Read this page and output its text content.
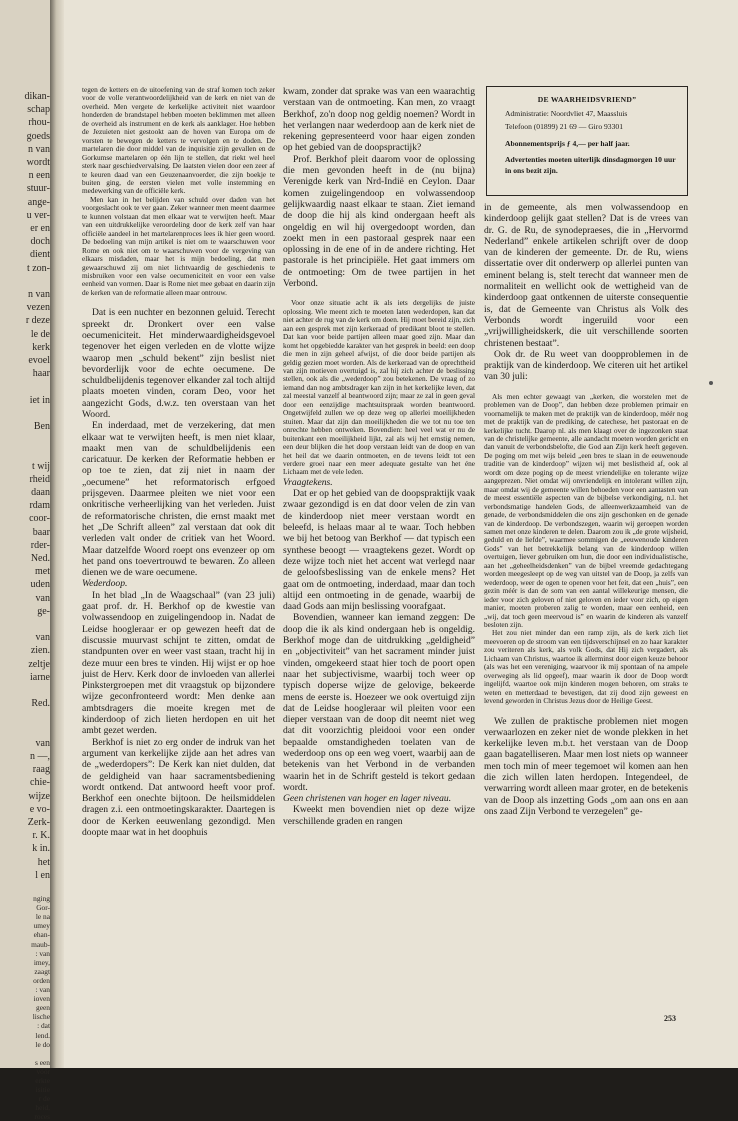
dikan-
schap
rhou-
goeds
n van
wordt
n een
stuur-
ange-
u ver-
er en
doch
dient
t zon-
n van
vezen
r deze
le de
kerk
evoel
haar
iet in
Ben
t wij
rheid
daan
rdam
coor-
baar
rder-
Ned.
met
uden
van
ge-
van
zien.
zeltje
iarne
Red.
van
n —,
raag
chie-
wijze
e vo-
Zerk-
r. K.
k in.
het
l en
nging
Gor-
le na
umey
ehan-
maub-
: van
imey,
zaagt
orden
: van
ioven
geen
lische
: dat
lend.
le do
s een
vóór
erkte
isitie
r de
heid,
roces

tegen de ketters en de uitoefening van de straf komen toch zeker voor de volle verantwoordelijkheid van de kerk en niet van de overheid. Men vergete de kerkelijke activiteit niet waardoor honderden de brandstapel hebben moeten beklimmen met alleen de overheid als instrument en de kerk als aanklager. Hoe hebben de Jezuieten niet gestookt aan de hoven van Europa om de vorsten te bewegen de ketters te vervolgen en te doden. De martelaren die door middel van de inquisitie zijn gevallen en de Gorkumse martelaren op één lijn te stellen, dat riekt wel heel sterk naar geschiedvervalsing. De laatsten vielen door een zeer af te keuren daad van een Geuzenaanvoerder, die zijn boekje te buiten ging, de eersten vielen met volle instemming en medewerking van de officiële kerk.

Men kan in het belijden van schuld over daden van het voorgeslacht ook te ver gaan. Zeker wanneer men meent daarmee te kunnen volstaan dat men elkaar wat te verwijten heeft. Maar van een uitdrukkelijke veroordeling door de kerk zelf van haar officiële aandeel in het martelarenproces lees ik hier geen woord. De bedoeling van mijn artikel is niet om te waarschuwen voor Rome en ook niet om te waarschuwen voor de vergeving van elkaars misdaden, maar het is mijn bedoeling, dat men gewaarschuwd zij om niet lichtvaardig de geschiedenis te misbruiken voor een valse oecumeniciteit en voor een valse eenheid van vormen. Daar is Rome niet mee gebaat en daarin zijn de kerken van de reformatie alleen maar ontrouw.

Dat is een nuchter en bezonnen geluid. Terecht spreekt dr. Dronkert over een valse oecumeniciteit. Het minderwaardigheidsgevoel tegenover het eigen verleden en de vlotte wijze waarop men „schuld bekent” zijn beslist niet bevorderlijk voor de echte oecumene. De schuldbelijdenis tegenover elkander zal toch altijd plaats moeten vinden, coram Deo, voor het aangezicht Gods, d.w.z. ten overstaan van het Woord.

En inderdaad, met de verzekering, dat men elkaar wat te verwijten heeft, is men niet klaar, maakt men van de schuldbelijdenis een caricatuur. De kerken der Reformatie hebben er op toe te zien, dat zij niet in naam der „oecumene” het reformatorisch erfgoed prijsgeven. Daarmee pleiten we niet voor een onkritische verheerlijking van het verleden. Juist de reformatorische christen, die ernst maakt met het „De Schrift alleen” zal verstaan dat ook dit verleden valt onder de critiek van het Woord. Maar datzelfde Woord roept ons evenzeer op om het pand ons toevertrouwd te bewaren. Zo alleen dienen we de ware oecumene.

Wederdoop.

In het blad „In de Waagschaal” (van 23 juli) gaat prof. dr. H. Berkhof op de kwestie van volwassendoop en zuigelingendoop in. Nadat de Leidse hoogleraar er op gewezen heeft dat de discussie muurvast schijnt te zitten, omdat de standpunten over en weer vast staan, tracht hij in deze muur een bres te vinden. Hij wijst er op hoe juist de Herv. Kerk door de invloeden van allerlei Pinkstergroepen met dit vraagstuk op bijzondere wijze geconfronteerd wordt: Men denke aan ambtsdragers die moeite kregen met de kinderdoop of zich lieten herdopen en uit het ambt gezet werden.

Berkhof is niet zo erg onder de indruk van het argument van kerkelijke zijde aan het adres van de „wederdopers”: De Kerk kan niet dulden, dat de geldigheid van haar sacramentsbediening wordt ontkend. Dat antwoord heeft voor prof. Berkhof een onechte bijtoon. De heilsmiddelen dragen z.i. een ontmoetingskarakter. Daartegen is door de Kerken eeuwenlang gezondigd. Men doopte maar wat in het doophuis

kwam, zonder dat sprake was van een waarachtig verstaan van de ontmoeting. Kan men, zo vraagt Berkhof, zo'n doop nog geldig noemen? Wordt in het verlangen naar wederdoop aan de kerk niet de rekening gepresenteerd voor haar eigen zonden op het gebied van de doopspractijk?

Prof. Berkhof pleit daarom voor de oplossing die men gevonden heeft in de (nu bijna) Verenigde kerk van Nrd-Indië en Ceylon. Daar komen zuigelingendoop en volwassendoop gelijkwaardig naast elkaar te staan. Ziet iemand de doop die hij als kind ondergaan heeft als ongeldig en wil hij overgedoopt worden, dan zoekt men in een pastoraal gesprek naar een oplossing in de ene of in de andere richting. Het pastorale is het principiële. Het gaat immers om de ontmoeting: Om de twee partijen in het Verbond.

Voor onze situatie acht ik als iets dergelijks de juiste oplossing. Wie meent zich te moeten laten wederdopen, kan dat niet achter de rug van de kerk om doen. Hij moet bereid zijn, zich aan een gesprek met zijn kerkeraad of predikant bloot te stellen. Dat kan voor beide partijen alleen maar goed zijn. Maar dan komt het opgebiedde karakter van het gesprek in beeld: een doop die men in zijn geheel afwijst, of die door beide partijen als geldig gezien moet worden. Als de kerkeraad van de oprechtheid van zijn motieven overtuigd is, zal hij zich achter de beslissing stellen, ook als die „wederdoop” zou betekenen. De vraag of zo iemand dan nog ambtsdrager kan zijn in het kerkelijke leven, dat zal meestal vanzelf al beantwoord zijn; maar ze zal in geen geval door een eenzijdige machtsuitspraak worden beantwoord. Ongetwijfeld zullen we op deze weg op allerlei moeilijkheden stuiten. Maar dat zijn dan moeilijkheden die we tot nu toe ten onrechte hebben ontweken. Bovendien: heel veel wat er nu de buitenkant een moeilijkheid lijkt, zal als wij het ernstig nemen, een deur blijken die het doop verstaan leidt van de doop en van het heil dat we daarin ontmoeten, en de tevens leidt tot een verdere groei naar een meer adequate gestalte van het éne Lichaam met de vele leden.

Vraagtekens.

Dat er op het gebied van de doopspraktijk vaak zwaar gezondigd is en dat door velen de zin van de kinderdoop niet meer verstaan wordt en beleefd, is helaas maar al te waar. Toch hebben we bij het betoog van Berkhof — dat typisch een synthese beoogt — vraagtekens gezet. Wordt op deze wijze toch niet het accent wat verlegd naar de geloofsbeslissing van de enkele mens? Het gaat om de ontmoeting, inderdaad, maar dan toch altijd een ontmoeting in de genade, waarbij de daad Gods aan mijn beslissing voorafgaat.

Bovendien, wanneer kan iemand zeggen: De doop die ik als kind ondergaan heb is ongeldig. Berkhof moge dan de uitdrukking „geldigheid” en „objectiviteit” van het sacrament minder juist vinden, omgekeerd staat hier toch de poort open naar het subjectivisme, waarbij toch weer op typisch doperse wijze de gelovige, bekeerde mens de eerste is. Hoezeer we ook overtuigd zijn dat de Leidse hoogleraar wil pleiten voor een dieper verstaan van de doop dit neemt niet weg dat dit voorzichtig pleidooi voor een onder bepaalde omstandigheden toelaten van de wederdoop ons op een weg voert, waarbij aan de betekenis van het Verbond in de verbanden waarin het in de Schrift gesteld is tekort gedaan wordt.

Geen christenen van hoger en lager niveau.

Kweekt men bovendien niet op deze wijze verschillende graden en rangen

DE WAARHEIDSVRIEND”
Administratie: Noordvliet 47, Maassluis
Telefoon (01899) 21 69 — Giro 93301
Abonnementsprijs ƒ 4,— per half jaar.
Advertenties moeten uiterlijk dinsdagmorgen 10 uur in ons bezit zijn.

in de gemeente, als men volwassendoop en kinderdoop gelijk gaat stellen? Dat is de vrees van dr. G. de Ru, de synodepraeses, die in „Hervormd Nederland” enkele artikelen schrijft over de doop van de kinderen der gemeente. Dr. de Ru, wiens dissertatie over dit onderwerp op allerlei punten van eminent belang is, stelt terecht dat wanneer men de normaliteit en wellicht ook de wettigheid van de kinderdoop gaat ontkennen de uiterste consequentie is, dat de Gemeente van Christus als Volk des Verbonds wordt ingeruild voor een „vrijwilligheidskerk, die uit verschillende soorten christenen bestaat”.

Ook dr. de Ru weet van doopproblemen in de praktijk van de kinderdoop. We citeren uit het artikel van 30 juli:

Als men echter gewaagt van „kerken, die worstelen met de problemen van de Doop”, dan hebben deze problemen primair en voornamelijk te maken met de praktijk van de kinderdoop, méér nog met de praktijk van de prediking, de catechese, het pastoraat en de kerkelijke tucht. Daarop nl. als men klaagt over de ingezonken staat van de christelijke gemeente, alle aandacht moeten worden gericht en dan vanuit de verbondsbelofte, die God aan Zijn kerk heeft gegeven. De poging om met wijs beleid „een bres te slaan in de eeuwenoude traditie van de kinderdoop” wijzen wij met beslistheid af, ook al wordt om deze poging op de meest vriendelijke en tolerante wijze aangeprezen. Niet omdat wij onvriendelijk en intolerant willen zijn, maar omdat wij de gemeente willen behoeden voor een aantasten van de meest essentiële aspecten van de bijbelse verkondiging, n.l. het verbondsmatige handelen Gods, de alleenwerkzaamheid van de genade, de verbondsmiddelen die ons zijn geschonken en de genade van de kinderdoop. De verbondszegen, waarin wij geroepen worden samen met onze kinderen te delen. Daarom zou ik „de grote wijsheid, geduld en de liefde”, waarmee sommigen de „eeuwenoude kinderen Gods” van het betrekkelijk belang van de kinderdoop willen overtuigen, liever gebruiken om hun, die door een individualistische, aan het „geheelheidsdenken” van de bijbel vreemde gedachtegang worden meegesleept op de weg van uitstel van de Doop, ja zelfs van wederdoop, weer de ogen te openen voor het feit, dat een „huis”, een gezin méér is dan de som van een aantal willekeurige mensen, die ieder voor zich geloven of niet geloven en ieder voor zich, op eigen manier, moeten proberen zalig te worden, maar een eenheid, een „wij, dat toch geen meervoud is” en waarin de kinderen als vanzelf besloten zijn.

Het zou niet minder dan een ramp zijn, als de kerk zich liet meevoeren op de stroom van een tijdsverschijnsel en zo haar karakter zou veriteren als kerk, als volk Gods, dat Hij zich vergadert, als Lichaam van Christus, waartoe ik allerminst door eigen keuze behoor (als was het een vereniging, waarvoor ik mij spontaan of na ampele overweging als lid opgeef), maar waarin ik door de Doop wordt ingelijfd, waartoe ook mijn kinderen mogen behoren, om straks te weten en metterdaad te bevestigen, dat zij dood zijn geweest en levend geworden in Christus Jezus door de Heilige Geest.

We zullen de praktische problemen niet mogen verwaarlozen en zeker niet de wonde plekken in het kerkelijke leven m.b.t. het verstaan van de Doop gaan bagatelliseren. Maar men lost niets op wanneer men toch min of meer tegemoet wil komen aan hen die zich willen laten herdopen. Integendeel, de verwarring wordt alleen maar groter, en de betekenis van de Doop als inzetting Gods „om aan ons en aan ons zaad Zijn Verbond te verzegelen” ge-

253
